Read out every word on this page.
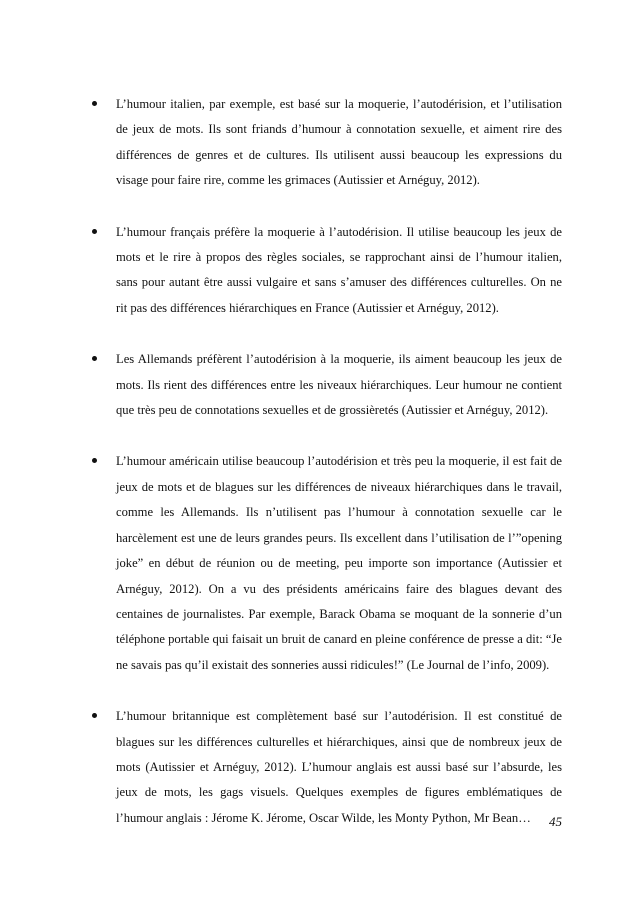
L’humour italien, par exemple, est basé sur la moquerie, l’autodérision, et l’utilisation de jeux de mots. Ils sont friands d’humour à connotation sexuelle, et aiment rire des différences de genres et de cultures. Ils utilisent aussi beaucoup les expressions du visage pour faire rire, comme les grimaces (Autissier et Arnéguy, 2012).

L’humour français préfère la moquerie à l’autodérision. Il utilise beaucoup les jeux de mots et le rire à propos des règles sociales, se rapprochant ainsi de l’humour italien, sans pour autant être aussi vulgaire et sans s’amuser des différences culturelles. On ne rit pas des différences hiérarchiques en France (Autissier et Arnéguy, 2012).

Les Allemands préfèrent l’autodérision à la moquerie, ils aiment beaucoup les jeux de mots. Ils rient des différences entre les niveaux hiérarchiques. Leur humour ne contient que très peu de connotations sexuelles et de grossièretés (Autissier et Arnéguy, 2012).

L’humour américain utilise beaucoup l’autodérision et très peu la moquerie, il est fait de jeux de mots et de blagues sur les différences de niveaux hiérarchiques dans le travail, comme les Allemands. Ils n’utilisent pas l’humour à connotation sexuelle car le harcèlement est une de leurs grandes peurs. Ils excellent dans l’utilisation de l’”opening joke” en début de réunion ou de meeting, peu importe son importance (Autissier et Arnéguy, 2012). On a vu des présidents américains faire des blagues devant des centaines de journalistes. Par exemple, Barack Obama se moquant de la sonnerie d’un téléphone portable qui faisait un bruit de canard en pleine conférence de presse a dit: “Je ne savais pas qu’il existait des sonneries aussi ridicules!” (Le Journal de l’info, 2009).

L’humour britannique est complètement basé sur l’autodérision. Il est constitué de blagues sur les différences culturelles et hiérarchiques, ainsi que de nombreux jeux de mots (Autissier et Arnéguy, 2012). L’humour anglais est aussi basé sur l’absurde, les jeux de mots, les gags visuels. Quelques exemples de figures emblématiques de l’humour anglais : Jérome K. Jérome, Oscar Wilde, les Monty Python, Mr Bean…	45
